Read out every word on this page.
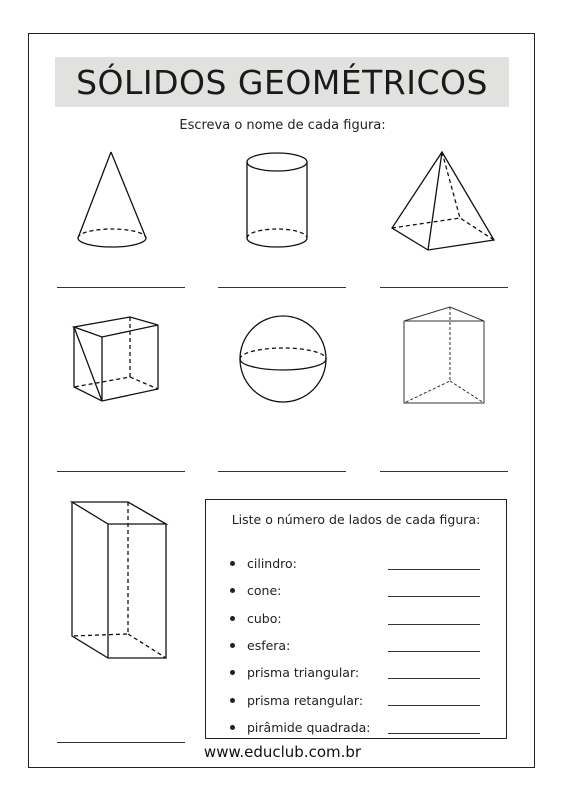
SÓLIDOS GEOMÉTRICOS
Escreva o nome de cada figura:
Liste o número de lados de cada figura:
cilindro:
cone:
cubo:
esfera:
prisma triangular:
prisma retangular:
pirâmide quadrada:
www.educlub.com.br
